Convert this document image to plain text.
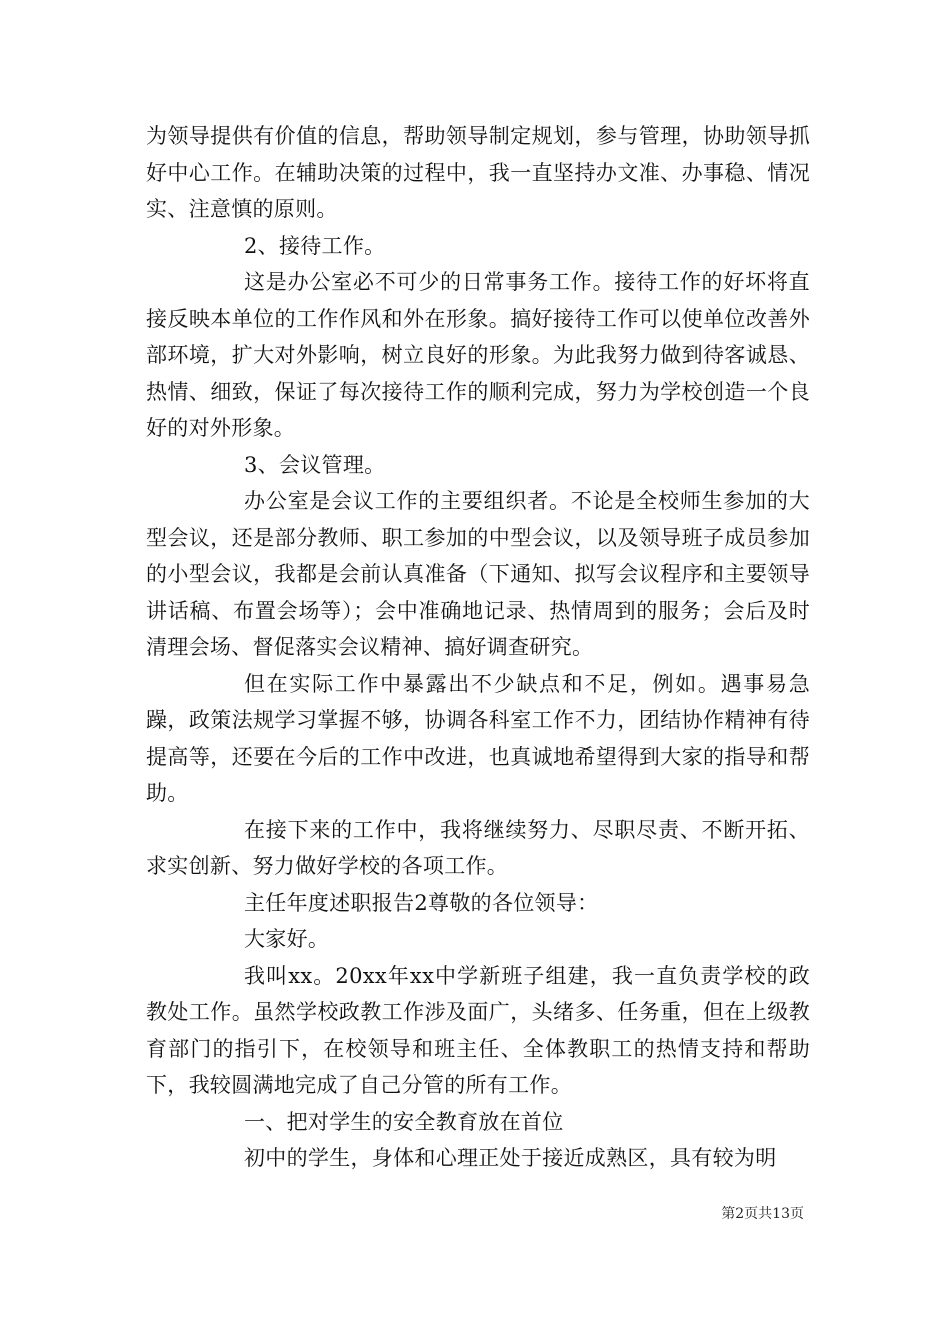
为领导提供有价值的信息，帮助领导制定规划，参与管理，协助领导抓好中心工作。在辅助决策的过程中，我一直坚持办文准、办事稳、情况实、注意慎的原则。

2、接待工作。

这是办公室必不可少的日常事务工作。接待工作的好坏将直接反映本单位的工作作风和外在形象。搞好接待工作可以使单位改善外部环境，扩大对外影响，树立良好的形象。为此我努力做到待客诚恳、热情、细致，保证了每次接待工作的顺利完成，努力为学校创造一个良好的对外形象。

3、会议管理。

办公室是会议工作的主要组织者。不论是全校师生参加的大型会议，还是部分教师、职工参加的中型会议，以及领导班子成员参加的小型会议，我都是会前认真准备（下通知、拟写会议程序和主要领导讲话稿、布置会场等）；会中准确地记录、热情周到的服务；会后及时清理会场、督促落实会议精神、搞好调查研究。

但在实际工作中暴露出不少缺点和不足，例如。遇事易急躁，政策法规学习掌握不够，协调各科室工作不力，团结协作精神有待提高等，还要在今后的工作中改进，也真诚地希望得到大家的指导和帮助。

在接下来的工作中，我将继续努力、尽职尽责、不断开拓、求实创新、努力做好学校的各项工作。

主任年度述职报告2尊敬的各位领导：

大家好。

我叫xx。20xx年xx中学新班子组建，我一直负责学校的政教处工作。虽然学校政教工作涉及面广，头绪多、任务重，但在上级教育部门的指引下，在校领导和班主任、全体教职工的热情支持和帮助下，我较圆满地完成了自己分管的所有工作。

一、把对学生的安全教育放在首位

初中的学生，身体和心理正处于接近成熟区，具有较为明

第2页共13页
